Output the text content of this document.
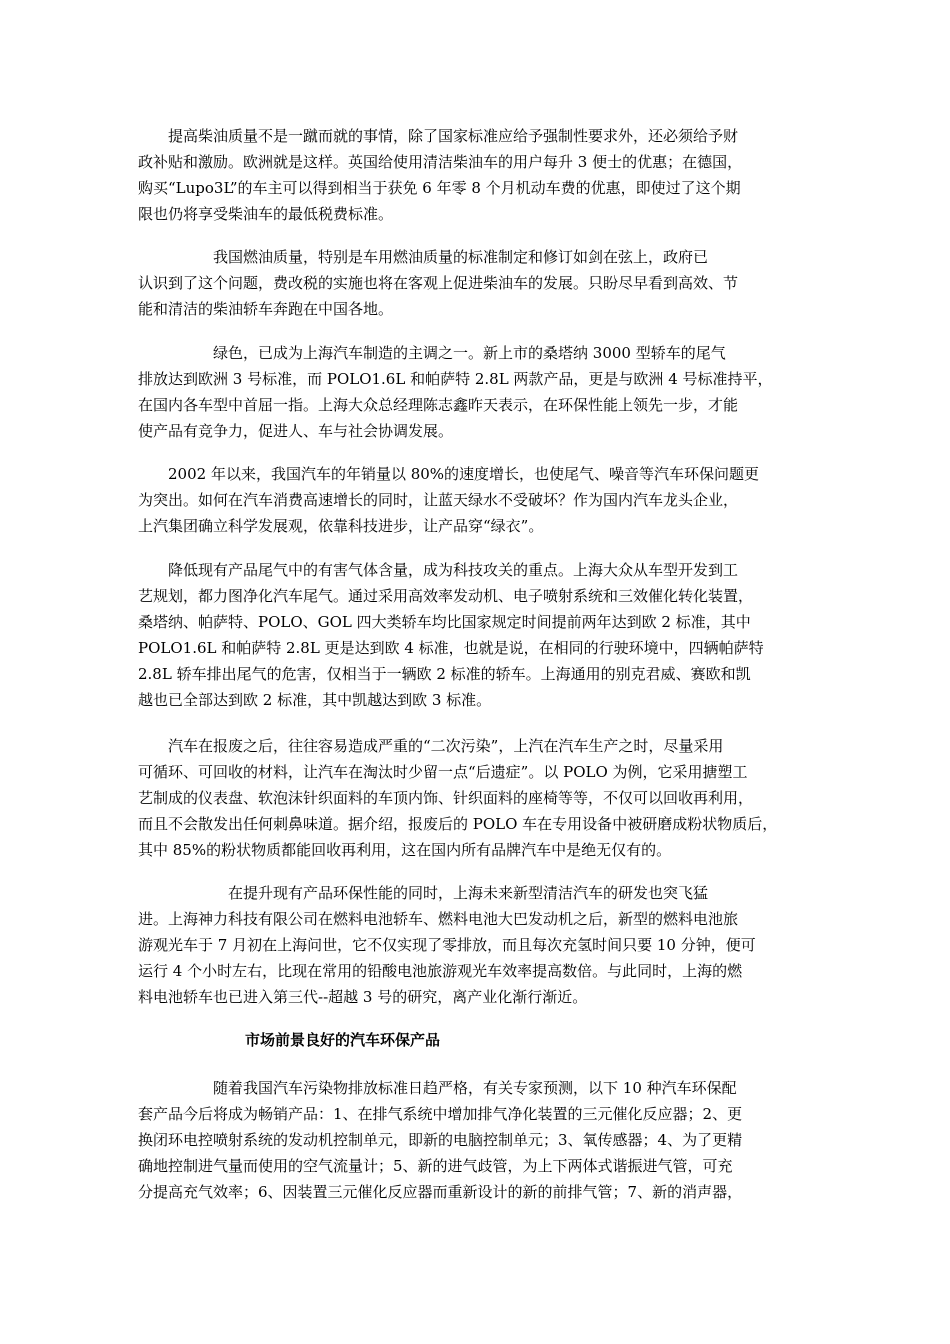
　　提高柴油质量不是一蹴而就的事情，除了国家标准应给予强制性要求外，还必须给予财
政补贴和激励。欧洲就是这样。英国给使用清洁柴油车的用户每升 3 便士的优惠；在德国，
购买“Lupo3L”的车主可以得到相当于获免 6 年零 8 个月机动车费的优惠，即使过了这个期
限也仍将享受柴油车的最低税费标准。
　　　　　我国燃油质量，特别是车用燃油质量的标准制定和修订如剑在弦上，政府已
认识到了这个问题，费改税的实施也将在客观上促进柴油车的发展。只盼尽早看到高效、节
能和清洁的柴油轿车奔跑在中国各地。
　　　　　绿色，已成为上海汽车制造的主调之一。新上市的桑塔纳 3000 型轿车的尾气
排放达到欧洲 3 号标准，而 POLO1.6L 和帕萨特 2.8L 两款产品，更是与欧洲 4 号标准持平，
在国内各车型中首屈一指。上海大众总经理陈志鑫昨天表示，在环保性能上领先一步，才能
使产品有竞争力，促进人、车与社会协调发展。
　　2002 年以来，我国汽车的年销量以 80%的速度增长，也使尾气、噪音等汽车环保问题更
为突出。如何在汽车消费高速增长的同时，让蓝天绿水不受破坏？作为国内汽车龙头企业，
上汽集团确立科学发展观，依靠科技进步，让产品穿“绿衣”。
　　降低现有产品尾气中的有害气体含量，成为科技攻关的重点。上海大众从车型开发到工
艺规划，都力图净化汽车尾气。通过采用高效率发动机、电子喷射系统和三效催化转化装置，
桑塔纳、帕萨特、POLO、GOL 四大类轿车均比国家规定时间提前两年达到欧 2 标准，其中
POLO1.6L 和帕萨特 2.8L 更是达到欧 4 标准，也就是说，在相同的行驶环境中，四辆帕萨特
2.8L 轿车排出尾气的危害，仅相当于一辆欧 2 标准的轿车。上海通用的别克君威、赛欧和凯
越也已全部达到欧 2 标准，其中凯越达到欧 3 标准。
　　汽车在报废之后，往往容易造成严重的“二次污染”，上汽在汽车生产之时，尽量采用
可循环、可回收的材料，让汽车在淘汰时少留一点“后遗症”。以 POLO 为例，它采用搪塑工
艺制成的仪表盘、软泡沫针织面料的车顶内饰、针织面料的座椅等等，不仅可以回收再利用，
而且不会散发出任何刺鼻味道。据介绍，报废后的 POLO 车在专用设备中被研磨成粉状物质后，
其中 85%的粉状物质都能回收再利用，这在国内所有品牌汽车中是绝无仅有的。
　　　　　　在提升现有产品环保性能的同时，上海未来新型清洁汽车的研发也突飞猛
进。上海神力科技有限公司在燃料电池轿车、燃料电池大巴发动机之后，新型的燃料电池旅
游观光车于 7 月初在上海问世，它不仅实现了零排放，而且每次充氢时间只要 10 分钟，便可
运行 4 个小时左右，比现在常用的铅酸电池旅游观光车效率提高数倍。与此同时，上海的燃
料电池轿车也已进入第三代--超越 3 号的研究，离产业化渐行渐近。
市场前景良好的汽车环保产品
　　　　　随着我国汽车污染物排放标准日趋严格，有关专家预测，以下 10 种汽车环保配
套产品今后将成为畅销产品：1、在排气系统中增加排气净化装置的三元催化反应器；2、更
换闭环电控喷射系统的发动机控制单元，即新的电脑控制单元；3、氧传感器；4、为了更精
确地控制进气量而使用的空气流量计；5、新的进气歧管，为上下两体式谐振进气管，可充
分提高充气效率；6、因装置三元催化反应器而重新设计的新的前排气管；7、新的消声器，
